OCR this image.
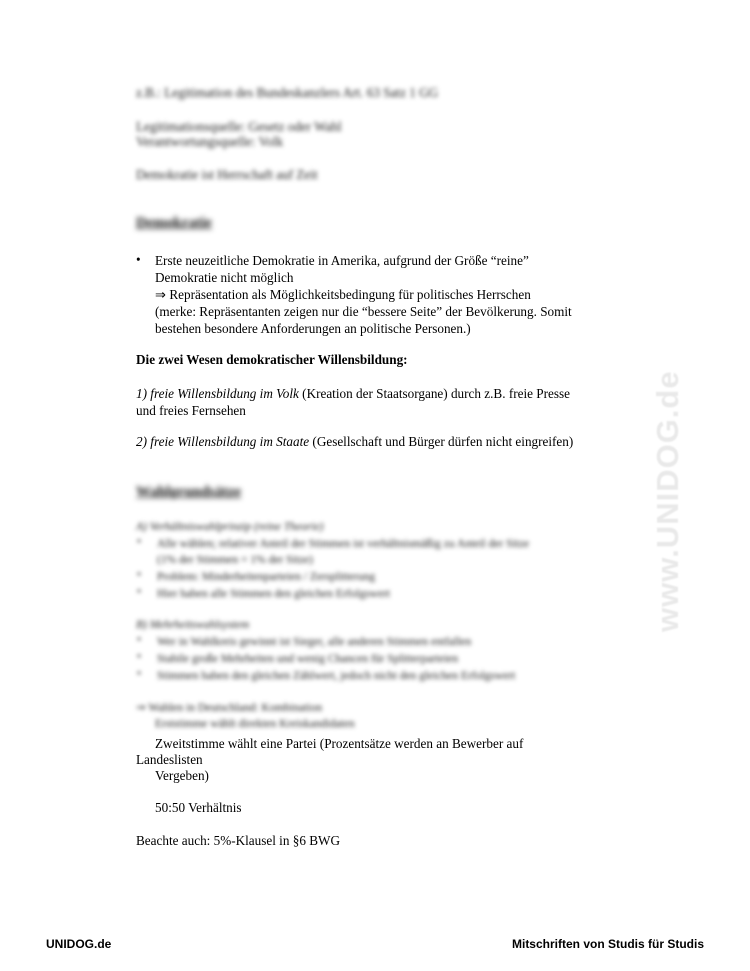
z.B.: Legitimation des Bundeskanzlers Art. 63 Satz 1 GG
Legitimationsquelle: Gesetz oder Wahl
Verantwortungsquelle: Volk
Demokratie ist Herrschaft auf Zeit
Demokratie
• Erste neuzeitliche Demokratie in Amerika, aufgrund der Größe “reine”
Demokratie nicht möglich
⇒ Repräsentation als Möglichkeitsbedingung für politisches Herrschen
(merke: Repräsentanten zeigen nur die “bessere Seite” der Bevölkerung. Somit
bestehen besondere Anforderungen an politische Personen.)
Die zwei Wesen demokratischer Willensbildung:
1) freie Willensbildung im Volk (Kreation der Staatsorgane) durch z.B. freie Presse
und freies Fernsehen
2) freie Willensbildung im Staate (Gesellschaft und Bürger dürfen nicht eingreifen)
Wahlgrundsätze
A) Verhältniswahlprinzip (reine Theorie)
• Alle wählen; relativer Anteil der Stimmen ist verhältnismäßig zu Anteil der Sitze
(1% der Stimmen = 1% der Sitze)
• Problem: Minderheitenparteien / Zersplitterung
• Hier haben alle Stimmen den gleichen Erfolgswert
B) Mehrheitswahlsystem
• Wer in Wahlkreis gewinnt ist Sieger, alle anderen Stimmen entfallen
• Stabile große Mehrheiten und wenig Chancen für Splitterparteien
• Stimmen haben den gleichen Zählwert, jedoch nicht den gleichen Erfolgswert
⇒ Wahlen in Deutschland: Kombination
Erststimme wählt direkten Kreiskandidaten
Zweitstimme wählt eine Partei (Prozentsätze werden an Bewerber auf
Landeslisten
Vergeben)
50:50 Verhältnis
Beachte auch: 5%-Klausel in §6 BWG
www.UNIDOG.de
UNIDOG.de	Mitschriften von Studis für Studis
